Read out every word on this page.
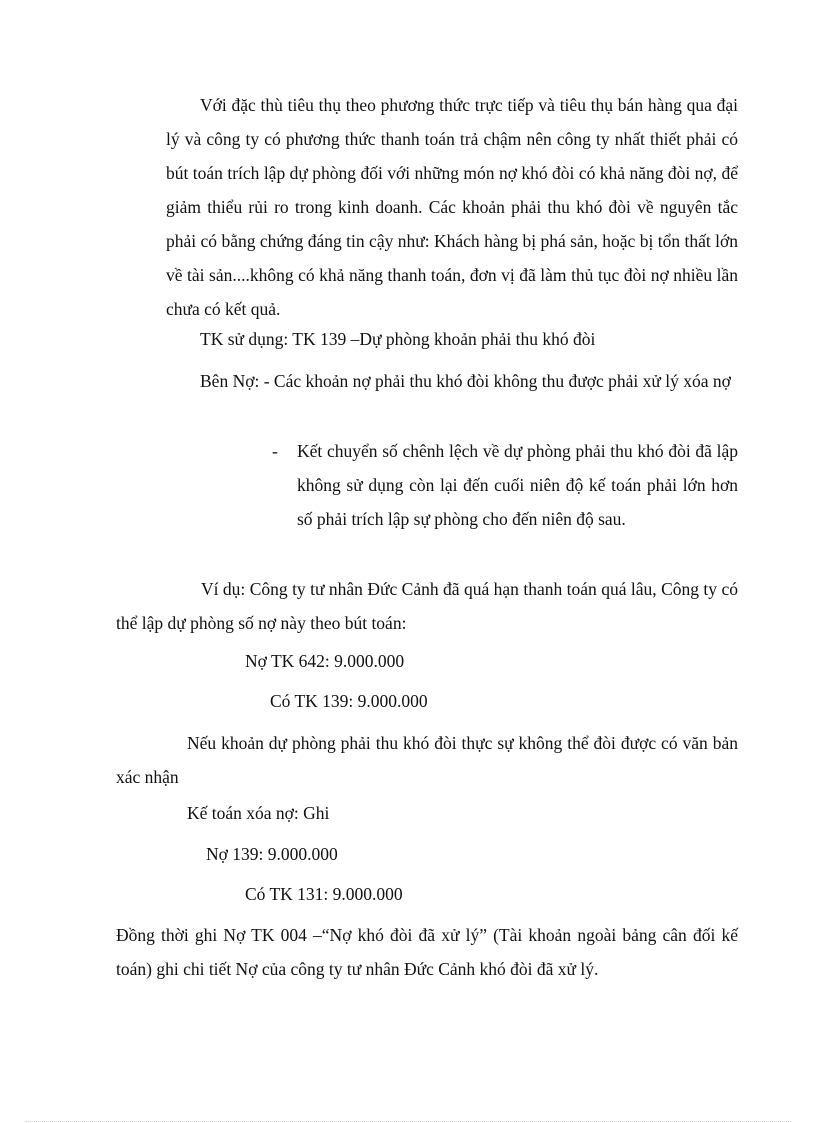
Với đặc thù tiêu thụ theo phương thức trực tiếp và tiêu thụ bán hàng qua đại lý và công ty có phương thức thanh toán trả chậm nên công ty nhất thiết phải có bút toán trích lập dự phòng đối với những món nợ khó đòi có khả năng đòi nợ, để giảm thiểu rủi ro trong kinh doanh. Các khoản phải thu khó đòi về nguyên tắc phải có bằng chứng đáng tin cậy như: Khách hàng bị phá sản, hoặc bị tổn thất lớn về tài sản....không có khả năng thanh toán, đơn vị đã làm thủ tục đòi nợ nhiều lần chưa có kết quả.

TK sử dụng: TK 139 –Dự phòng khoản phải thu khó đòi

Bên Nợ: - Các khoản nợ phải thu khó đòi không thu được phải xử lý xóa nợ

- Kết chuyển số chênh lệch về dự phòng phải thu khó đòi đã lập không sử dụng còn lại đến cuối niên độ kế toán phải lớn hơn số phải trích lập sự phòng cho đến niên độ sau.

Ví dụ: Công ty tư nhân Đức Cảnh đã quá hạn thanh toán quá lâu, Công ty có thể lập dự phòng số nợ này theo bút toán:

Nợ TK 642: 9.000.000

Có TK 139: 9.000.000

Nếu khoản dự phòng phải thu khó đòi thực sự không thể đòi được có văn bản xác nhận

Kế toán xóa nợ: Ghi

Nợ 139: 9.000.000

Có TK 131: 9.000.000

Đồng thời ghi Nợ TK 004 –“Nợ khó đòi đã xử lý” (Tài khoản ngoài bảng cân đối kế toán) ghi chi tiết Nợ của công ty tư nhân Đức Cảnh khó đòi đã xử lý.
